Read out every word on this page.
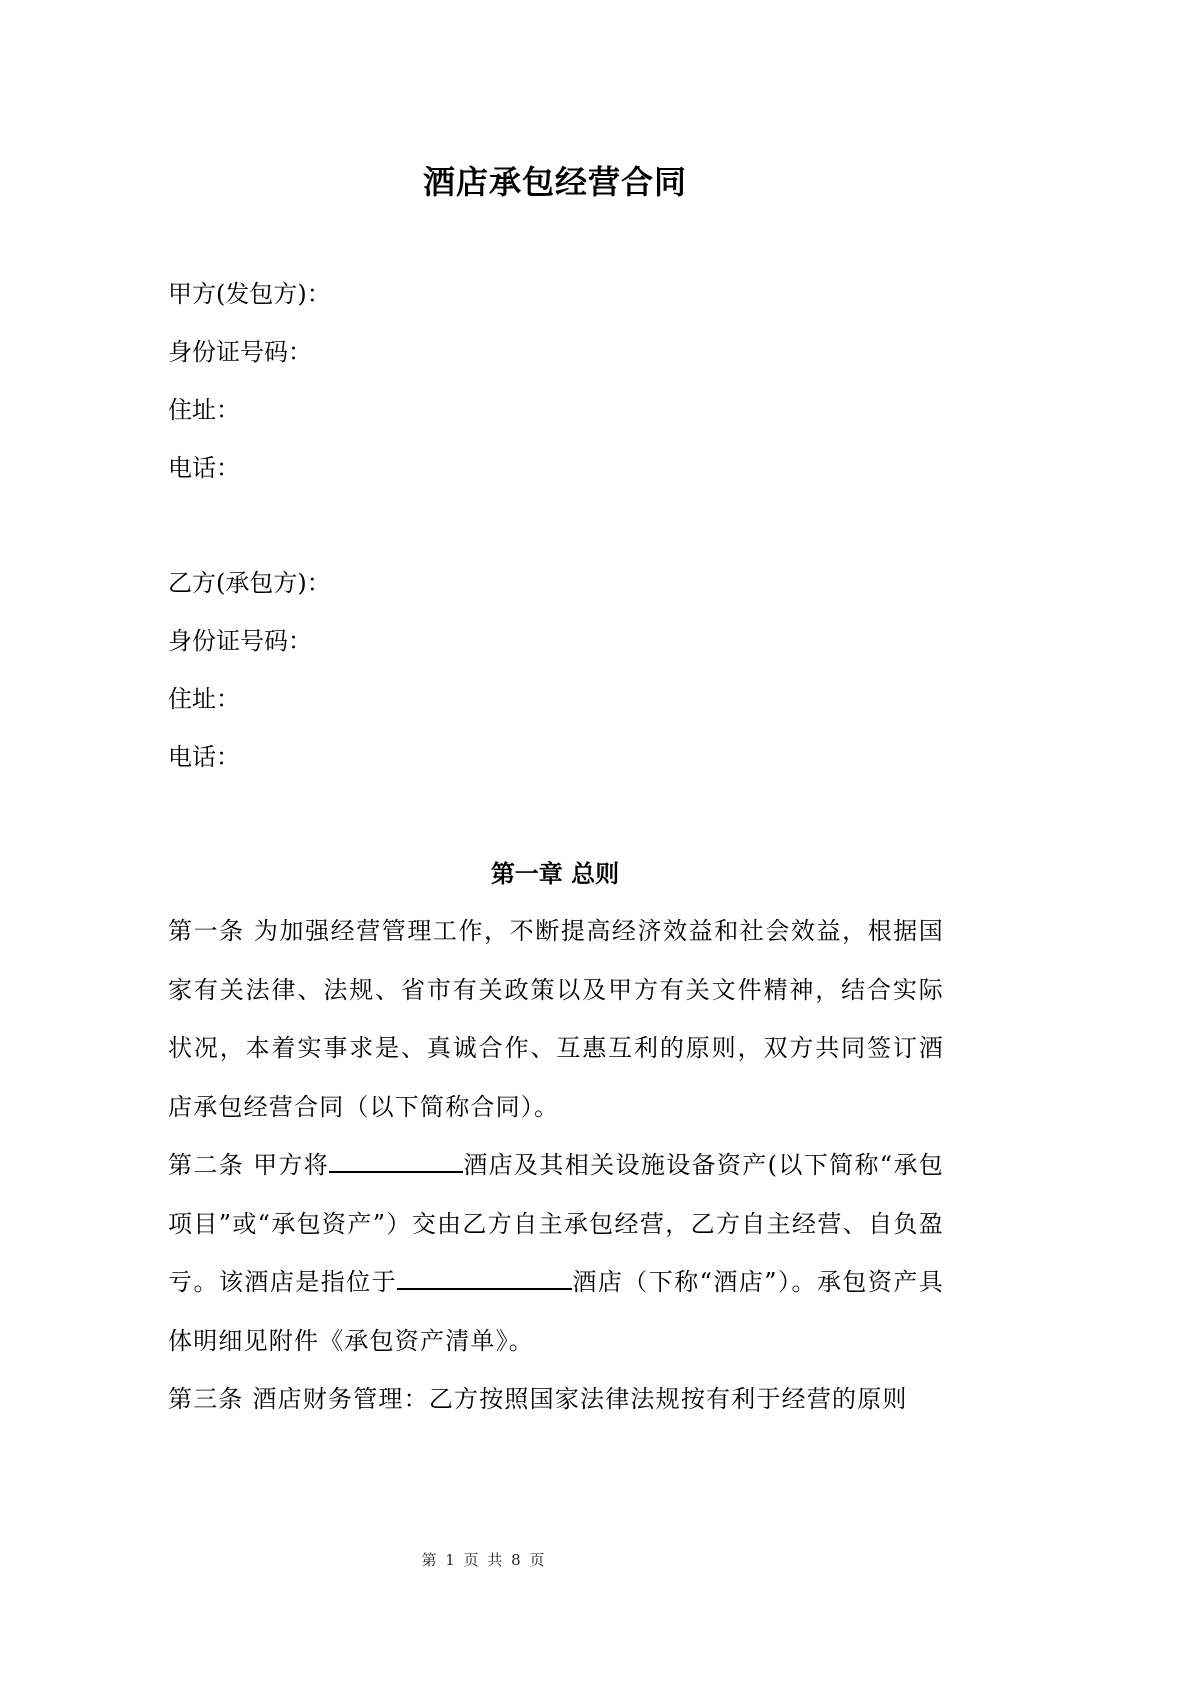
酒店承包经营合同
甲方(发包方)：
身份证号码：
住址：
电话：
乙方(承包方)：
身份证号码：
住址：
电话：
第一章 总则
第一条 为加强经营管理工作，不断提高经济效益和社会效益，根据国家有关法律、法规、省市有关政策以及甲方有关文件精神，结合实际状况，本着实事求是、真诚合作、互惠互利的原则，双方共同签订酒店承包经营合同（以下简称合同）。
第二条 甲方将	酒店及其相关设施设备资产(以下简称“承包项目”或“承包资产”）交由乙方自主承包经营，乙方自主经营、自负盈亏。该酒店是指位于	酒店（下称“酒店”）。承包资产具体明细见附件《承包资产清单》。
第三条 酒店财务管理：乙方按照国家法律法规按有利于经营的原则
第 1 页 共 8 页
